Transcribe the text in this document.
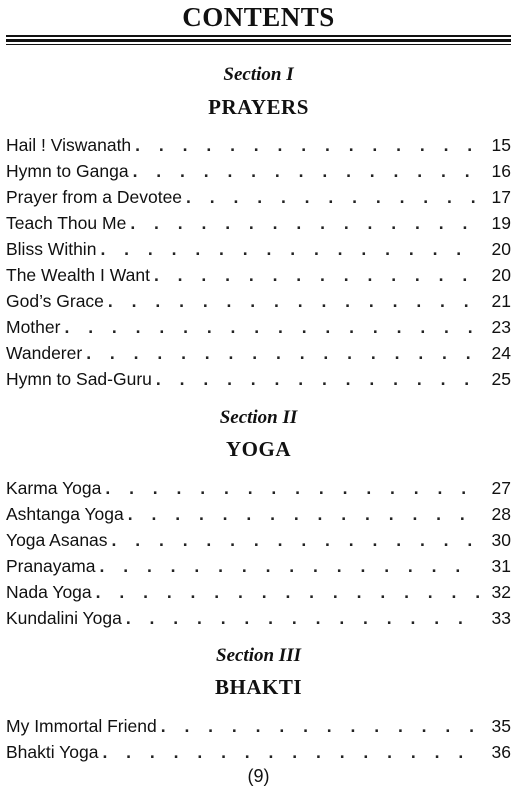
CONTENTS
Section I
PRAYERS
Hail ! Viswanath . . .	15
Hymn to Ganga . . .	16
Prayer from a Devotee . . .	17
Teach Thou Me . . .	19
Bliss Within . . .	20
The Wealth I Want . . .	20
God’s Grace . . .	21
Mother . . .	23
Wanderer . . .	24
Hymn to Sad-Guru . . .	25
Section II
YOGA
Karma Yoga . . .	27
Ashtanga Yoga . . .	28
Yoga Asanas . . .	30
Pranayama . . .	31
Nada Yoga . . .	32
Kundalini Yoga . . .	33
Section III
BHAKTI
My Immortal Friend . . .	35
Bhakti Yoga . . .	36
(9)
